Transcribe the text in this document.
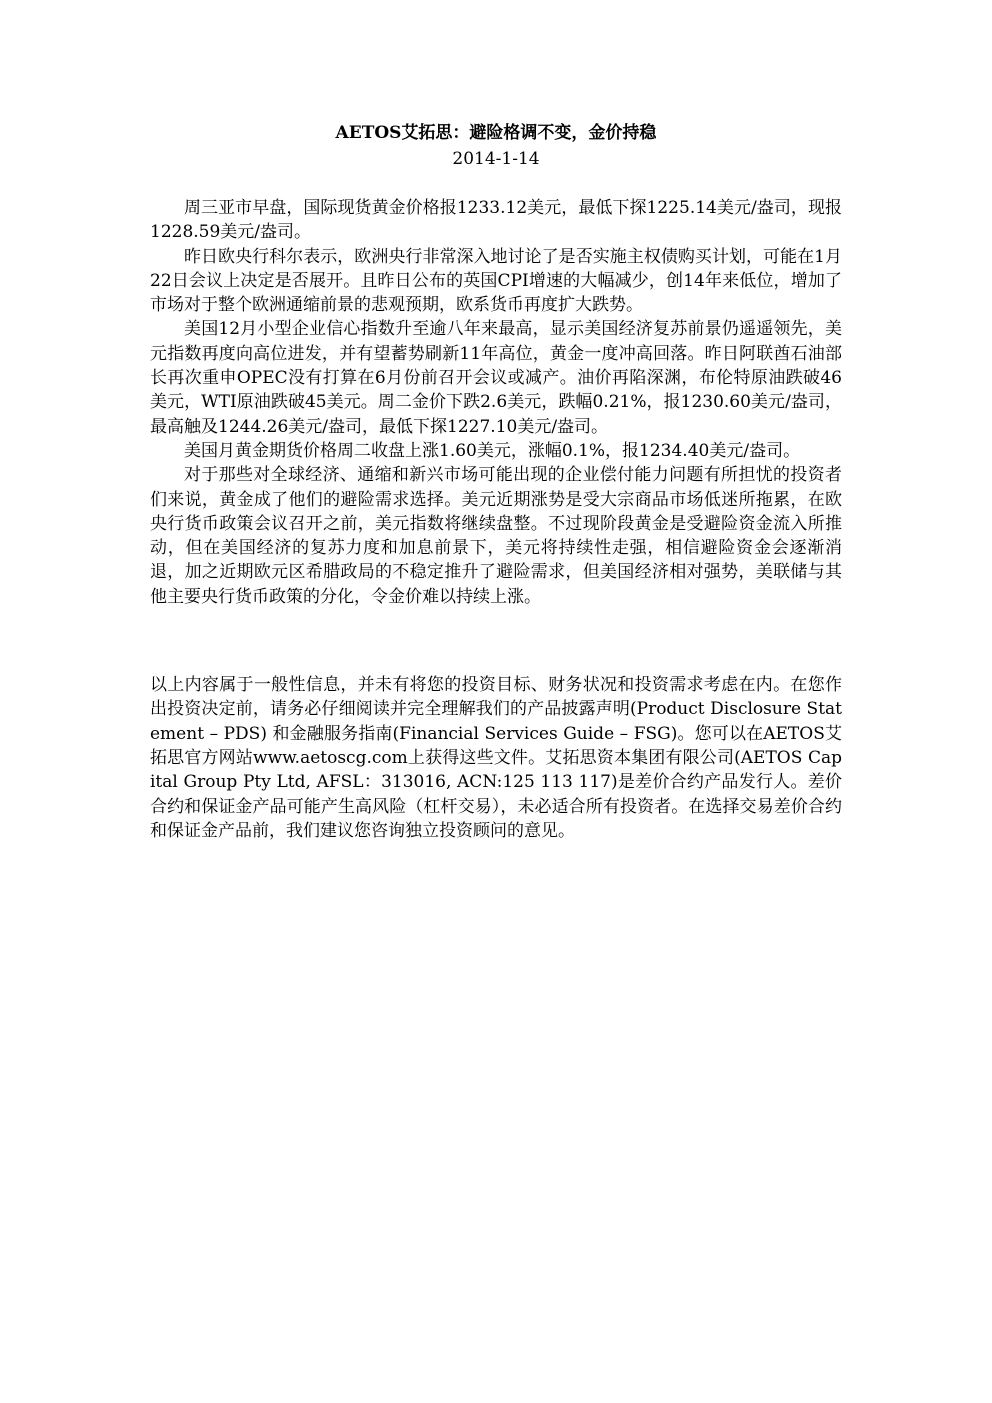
AETOS艾拓思：避险格调不变，金价持稳

2014-1-14

周三亚市早盘，国际现货黄金价格报1233.12美元，最低下探1225.14美元/盎司，现报1228.59美元/盎司。

昨日欧央行科尔表示，欧洲央行非常深入地讨论了是否实施主权债购买计划，可能在1月22日会议上决定是否展开。且昨日公布的英国CPI增速的大幅减少，创14年来低位，增加了市场对于整个欧洲通缩前景的悲观预期，欧系货币再度扩大跌势。

美国12月小型企业信心指数升至逾八年来最高，显示美国经济复苏前景仍遥遥领先，美元指数再度向高位进发，并有望蓄势刷新11年高位，黄金一度冲高回落。昨日阿联酋石油部长再次重申OPEC没有打算在6月份前召开会议或减产。油价再陷深渊，布伦特原油跌破46美元，WTI原油跌破45美元。周二金价下跌2.6美元，跌幅0.21%，报1230.60美元/盎司，最高触及1244.26美元/盎司，最低下探1227.10美元/盎司。

美国月黄金期货价格周二收盘上涨1.60美元，涨幅0.1%，报1234.40美元/盎司。

对于那些对全球经济、通缩和新兴市场可能出现的企业偿付能力问题有所担忧的投资者们来说，黄金成了他们的避险需求选择。美元近期涨势是受大宗商品市场低迷所拖累，在欧央行货币政策会议召开之前，美元指数将继续盘整。不过现阶段黄金是受避险资金流入所推动，但在美国经济的复苏力度和加息前景下，美元将持续性走强，相信避险资金会逐渐消退，加之近期欧元区希腊政局的不稳定推升了避险需求，但美国经济相对强势，美联储与其他主要央行货币政策的分化，令金价难以持续上涨。

以上内容属于一般性信息，并未有将您的投资目标、财务状况和投资需求考虑在内。在您作出投资决定前，请务必仔细阅读并完全理解我们的产品披露声明(Product Disclosure Statement – PDS) 和金融服务指南(Financial Services Guide – FSG)。您可以在AETOS艾拓思官方网站www.aetoscg.com上获得这些文件。艾拓思资本集团有限公司(AETOS Capital Group Pty Ltd, AFSL：313016, ACN:125 113 117)是差价合约产品发行人。差价合约和保证金产品可能产生高风险（杠杆交易），未必适合所有投资者。在选择交易差价合约和保证金产品前，我们建议您咨询独立投资顾问的意见。
